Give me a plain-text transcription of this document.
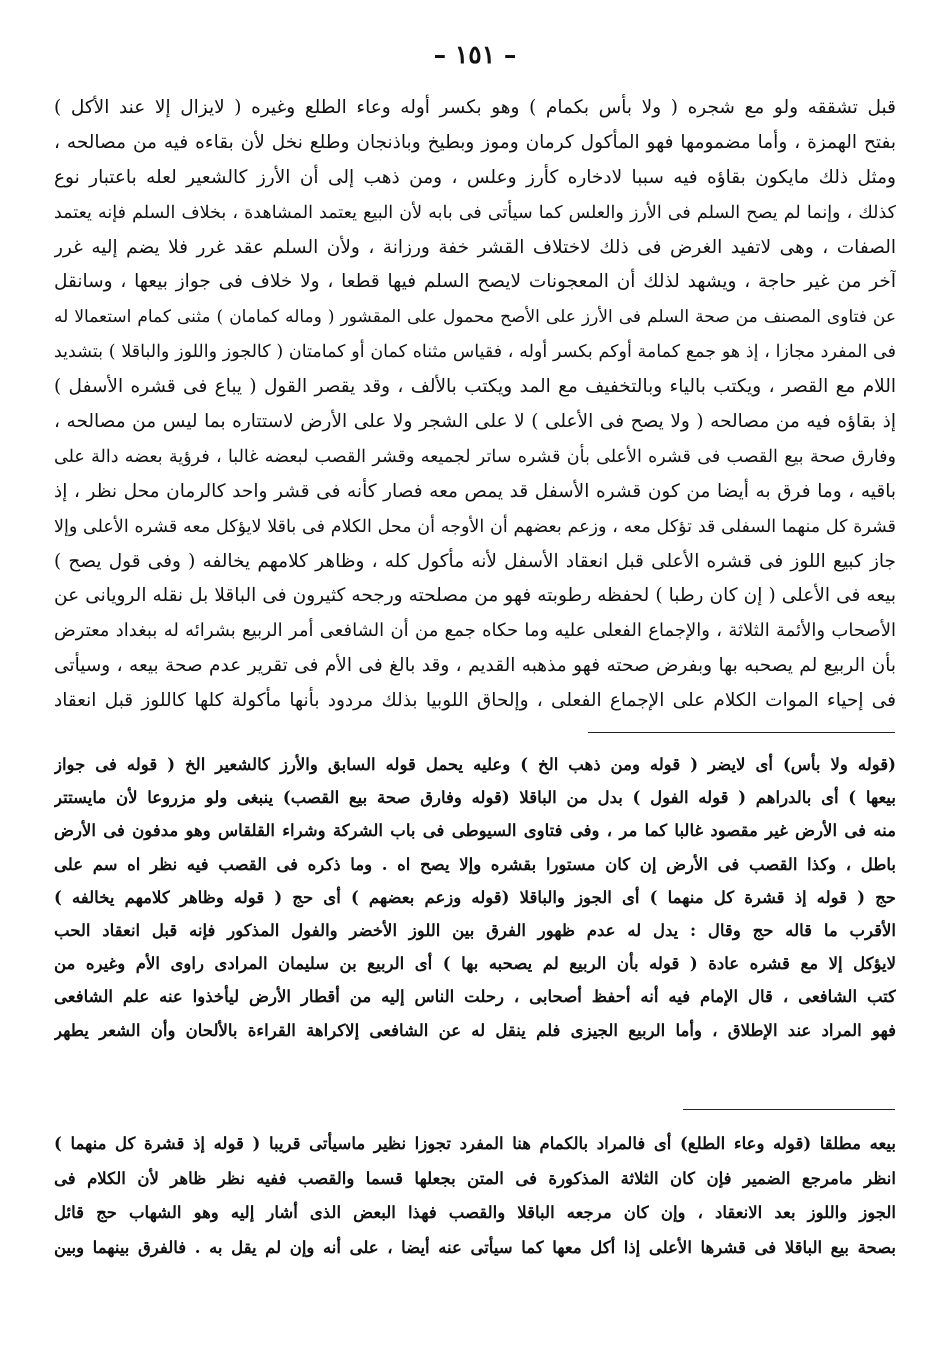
– ١٥١ –
قبل تشققه ولو مع شجره ( ولا بأس بكمام ) وهو بكسر أوله وعاء الطلع وغيره ( لايزال إلا عند الأكل )
بفتح الهمزة ، وأما مضمومها فهو المأكول كرمان وموز وبطيخ وباذنجان وطلع نخل لأن بقاءه فيه من مصالحه ،
ومثل ذلك مايكون بقاؤه فيه سببا لادخاره كأرز وعلس ، ومن ذهب إلى أن الأرز كالشعير لعله باعتبار نوع
كذلك ، وإنما لم يصح السلم فى الأرز والعلس كما سيأتى فى بابه لأن البيع يعتمد المشاهدة ، بخلاف السلم فإنه يعتمد
الصفات ، وهى لاتفيد الغرض فى ذلك لاختلاف القشر خفة ورزانة ، ولأن السلم عقد غرر فلا يضم إليه غرر
آخر من غير حاجة ، ويشهد لذلك أن المعجونات لايصح السلم فيها قطعا ، ولا خلاف فى جواز بيعها ، وسانقل
عن فتاوى المصنف من صحة السلم فى الأرز على الأصح محمول على المقشور ( وماله كمامان ) مثنى كمام استعمالا له
فى المفرد مجازا ، إذ هو جمع كمامة أوكم بكسر أوله ، فقياس مثناه كمان أو كمامتان ( كالجوز واللوز والباقلا ) بتشديد
اللام مع القصر ، ويكتب بالياء وبالتخفيف مع المد ويكتب بالألف ، وقد يقصر القول ( يباع فى قشره الأسفل )
إذ بقاؤه فيه من مصالحه ( ولا يصح فى الأعلى ) لا على الشجر ولا على الأرض لاستتاره بما ليس من مصالحه ،
وفارق صحة بيع القصب فى قشره الأعلى بأن قشره ساتر لجميعه وقشر القصب لبعضه غالبا ، فرؤية بعضه دالة على
باقيه ، وما فرق به أيضا من كون قشره الأسفل قد يمص معه فصار كأنه فى قشر واحد كالرمان محل نظر ، إذ
قشرة كل منهما السفلى قد تؤكل معه ، وزعم بعضهم أن الأوجه أن محل الكلام فى باقلا لايؤكل معه قشره الأعلى وإلا
جاز كبيع اللوز فى قشره الأعلى قبل انعقاد الأسفل لأنه مأكول كله ، وظاهر كلامهم يخالفه ( وفى قول يصح )
بيعه فى الأعلى ( إن كان رطبا ) لحفظه رطوبته فهو من مصلحته ورجحه كثيرون فى الباقلا بل نقله الرويانى عن
الأصحاب والأئمة الثلاثة ، والإجماع الفعلى عليه وما حكاه جمع من أن الشافعى أمر الربيع بشرائه له ببغداد معترض
بأن الربيع لم يصحبه بها وبفرض صحته فهو مذهبه القديم ، وقد بالغ فى الأم فى تقرير عدم صحة بيعه ، وسيأتى
فى إحياء الموات الكلام على الإجماع الفعلى ، وإلحاق اللوبيا بذلك مردود بأنها مأكولة كلها كاللوز قبل انعقاد
(قوله ولا بأس) أى لايضر ( قوله ومن ذهب الخ ) وعليه يحمل قوله السابق والأرز كالشعير الخ ( قوله فى جواز
بيعها ) أى بالدراهم ( قوله الفول ) بدل من الباقلا (قوله وفارق صحة بيع القصب) ينبغى ولو مزروعا لأن مايستتر
منه فى الأرض غير مقصود غالبا كما مر ، وفى فتاوى السيوطى فى باب الشركة وشراء القلقاس وهو مدفون فى الأرض
باطل ، وكذا القصب فى الأرض إن كان مستورا بقشره وإلا يصح اه . وما ذكره فى القصب فيه نظر اه سم على
حج ( قوله إذ قشرة كل منهما ) أى الجوز والباقلا (قوله وزعم بعضهم ) أى حج ( قوله وظاهر كلامهم يخالفه )
الأقرب ما قاله حج وقال : يدل له عدم ظهور الفرق بين اللوز الأخضر والفول المذكور فإنه قبل انعقاد الحب
لايؤكل إلا مع قشره عادة ( قوله بأن الربيع لم يصحبه بها ) أى الربيع بن سليمان المرادى راوى الأم وغيره من
كتب الشافعى ، قال الإمام فيه أنه أحفظ أصحابى ، رحلت الناس إليه من أقطار الأرض ليأخذوا عنه علم الشافعى
فهو المراد عند الإطلاق ، وأما الربيع الجيزى فلم ينقل له عن الشافعى إلاكراهة القراءة بالألحان وأن الشعر يطهر
بيعه مطلقا (قوله وعاء الطلع) أى فالمراد بالكمام هنا المفرد تجوزا نظير ماسيأتى قريبا ( قوله إذ قشرة كل منهما )
انظر مامرجع الضمير فإن كان الثلاثة المذكورة فى المتن بجعلها قسما والقصب ففيه نظر ظاهر لأن الكلام فى
الجوز واللوز بعد الانعقاد ، وإن كان مرجعه الباقلا والقصب فهذا البعض الذى أشار إليه وهو الشهاب حج قائل
بصحة بيع الباقلا فى قشرها الأعلى إذا أكل معها كما سيأتى عنه أيضا ، على أنه وإن لم يقل به . فالفرق بينهما وبين
